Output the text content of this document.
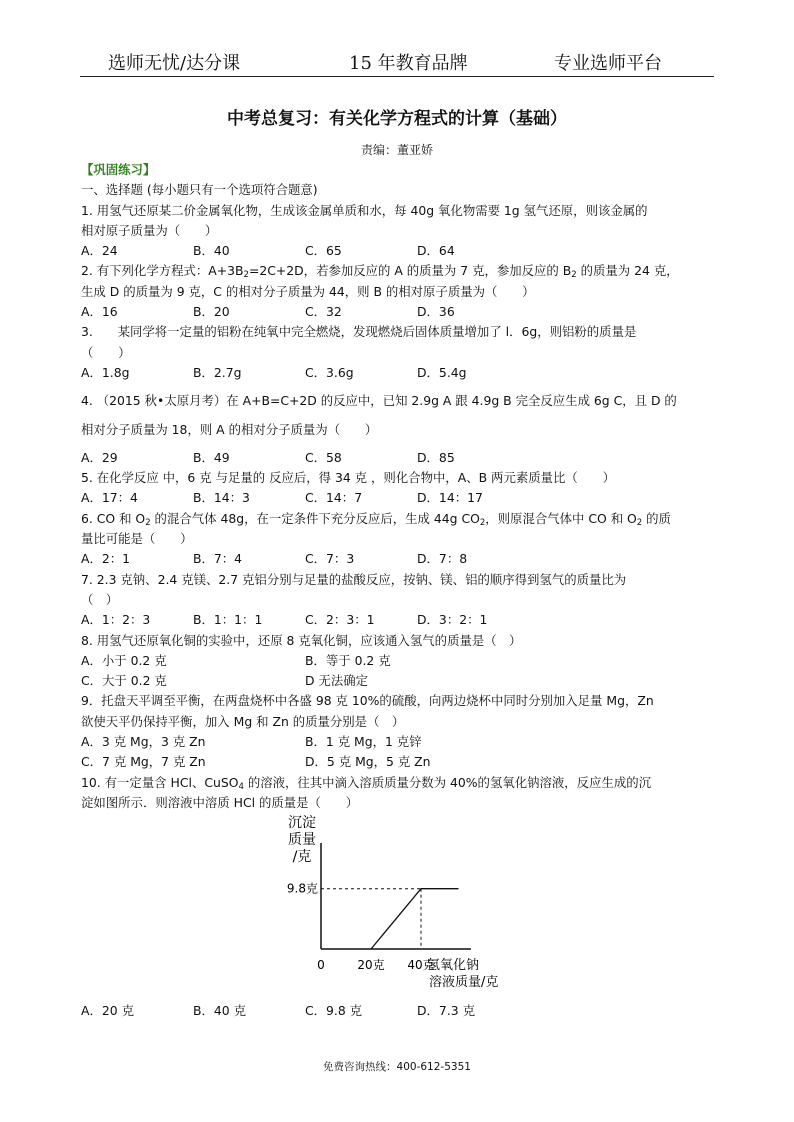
选师无忧/达分课	15 年教育品牌	专业选师平台
中考总复习：有关化学方程式的计算（基础）
责编：董亚娇
【巩固练习】
一、选择题 (每小题只有一个选项符合题意)
1. 用氢气还原某二价金属氧化物，生成该金属单质和水，每 40g 氧化物需要 1g 氢气还原，则该金属的
相对原子质量为（　　）
A．24	B．40	C．65	D．64
2. 有下列化学方程式：$A+3B_2=2C+2D$，若参加反应的 A 的质量为 7 克，参加反应的 $B_2$ 的质量为 24 克，
生成 D 的质量为 9 克，C 的相对分子质量为 44，则 B 的相对原子质量为（　　）
A．16	B．20	C．32	D．36
3.　　某同学将一定量的铝粉在纯氧中完全燃烧，发现燃烧后固体质量增加了 l．6g，则铝粉的质量是
（　　）
A．1.8g	B．2.7g	C．3.6g	D．5.4g
4. （2015 秋•太原月考）在 A+B=C+2D 的反应中，已知 2.9g A 跟 4.9g B 完全反应生成 6g C，且 D 的
相对分子质量为 18，则 A 的相对分子质量为（　　）
A．29	B．49	C．58	D．85
5. 在化学反应 中，6 克 与足量的 反应后，得 34 克 ，则化合物中，A、B 两元素质量比（　　）
A．17：4	B．14：3	C．14：7	D．14：17
6. CO 和 $O_2$ 的混合气体 48g，在一定条件下充分反应后，生成 44g $CO_2$，则原混合气体中 CO 和 $O_2$ 的质
量比可能是（　　）
A．2：1	B．7：4	C．7：3	D．7：8
7. 2.3 克钠、2.4 克镁、2.7 克铝分别与足量的盐酸反应，按钠、镁、铝的顺序得到氢气的质量比为
（　）
A．1：2：3	B．1：1：1	C．2：3：1	D．3：2：1
8. 用氢气还原氧化铜的实验中，还原 8 克氧化铜，应该通入氢气的质量是（　）
A．小于 0.2 克	B．等于 0.2 克
C．大于 0.2 克	D 无法确定
9．托盘天平调至平衡，在两盘烧杯中各盛 98 克 10%的硫酸，向两边烧杯中同时分别加入足量 Mg，Zn
欲使天平仍保持平衡，加入 Mg 和 Zn 的质量分别是（　）
A．3 克 Mg，3 克 Zn	B．1 克 Mg，1 克锌
C．7 克 Mg，7 克 Zn	D．5 克 Mg，5 克 Zn
10. 有一定量含 HCl、CuSO$_4$ 的溶液，往其中滴入溶质质量分数为 40%的氢氧化钠溶液，反应生成的沉
淀如图所示．则溶液中溶质 HCl 的质量是（　　）
沉淀
质量
/克
氢氧化钠
溶液质量/克
0	20克 40克
9.8克
A．20 克	B．40 克	C．9.8 克	D．7.3 克
免费咨询热线：400-612-5351
